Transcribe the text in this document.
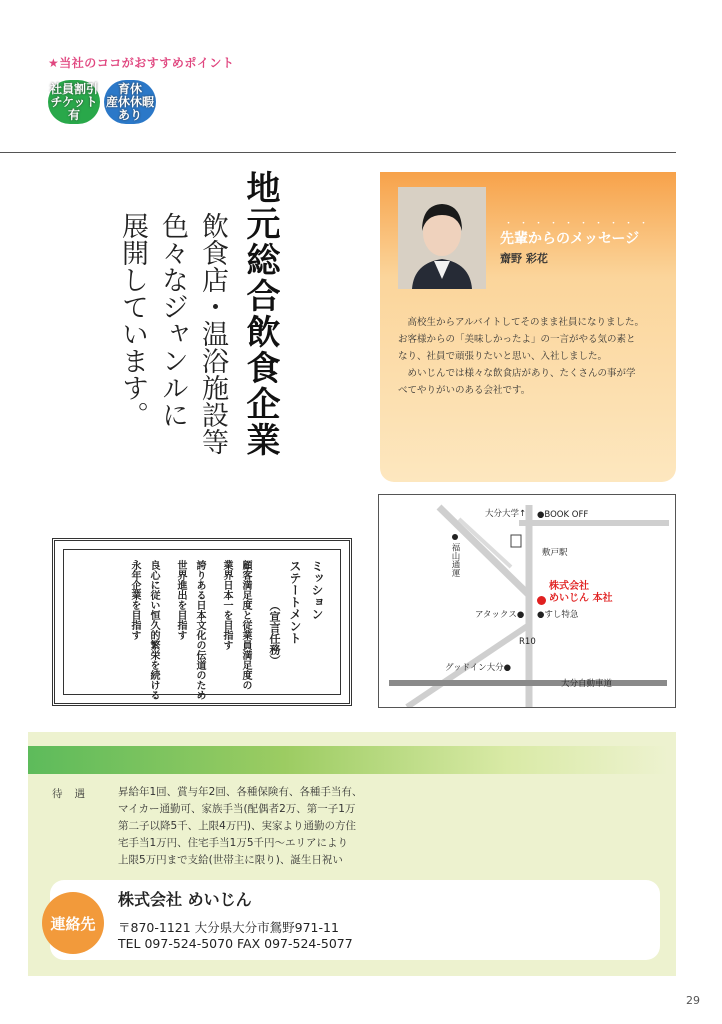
★当社のココがおすすめポイント
社員割引
チケット有
育休
産休休暇
あり
地元総合飲食企業
飲食店・温浴施設等
色々なジャンルに
展開しています。
ミッション
ステートメント
（宣言任務）
顧客満足度と従業員満足度の
業界日本一を目指す
誇りある日本文化の伝道のため
世界進出を目指す
良心に従い恒久的繁栄を続ける
永年企業を目指す
・・・・・・・・・・
先輩からのメッセージ
齋野 彩花
　高校生からアルバイトしてそのまま社員になりました。
お客様からの「美味しかったよ」の一言がやる気の素と
なり、社員で頑張りたいと思い、入社しました。
　めいじんでは様々な飲食店があり、たくさんの事が学
べてやりがいのある会社です。
大分大学↑ ●BOOK OFF
福山通運	敷戸駅
アタックス● ●すし特急
株式会社
めいじん 本社
R10
グッドイン大分●
大分自動車道
待遇 昇給年1回、賞与年2回、各種保険有、各種手当有、
マイカー通勤可、家族手当(配偶者2万、第一子1万
第二子以降5千、上限4万円)、実家より通勤の方住
宅手当1万円、住宅手当1万5千円～エリアにより
上限5万円まで支給(世帯主に限り)、誕生日祝い
連絡先
株式会社 めいじん
〒870-1121 大分県大分市鴛野971-11
TEL 097-524-5070 FAX 097-524-5077
29
